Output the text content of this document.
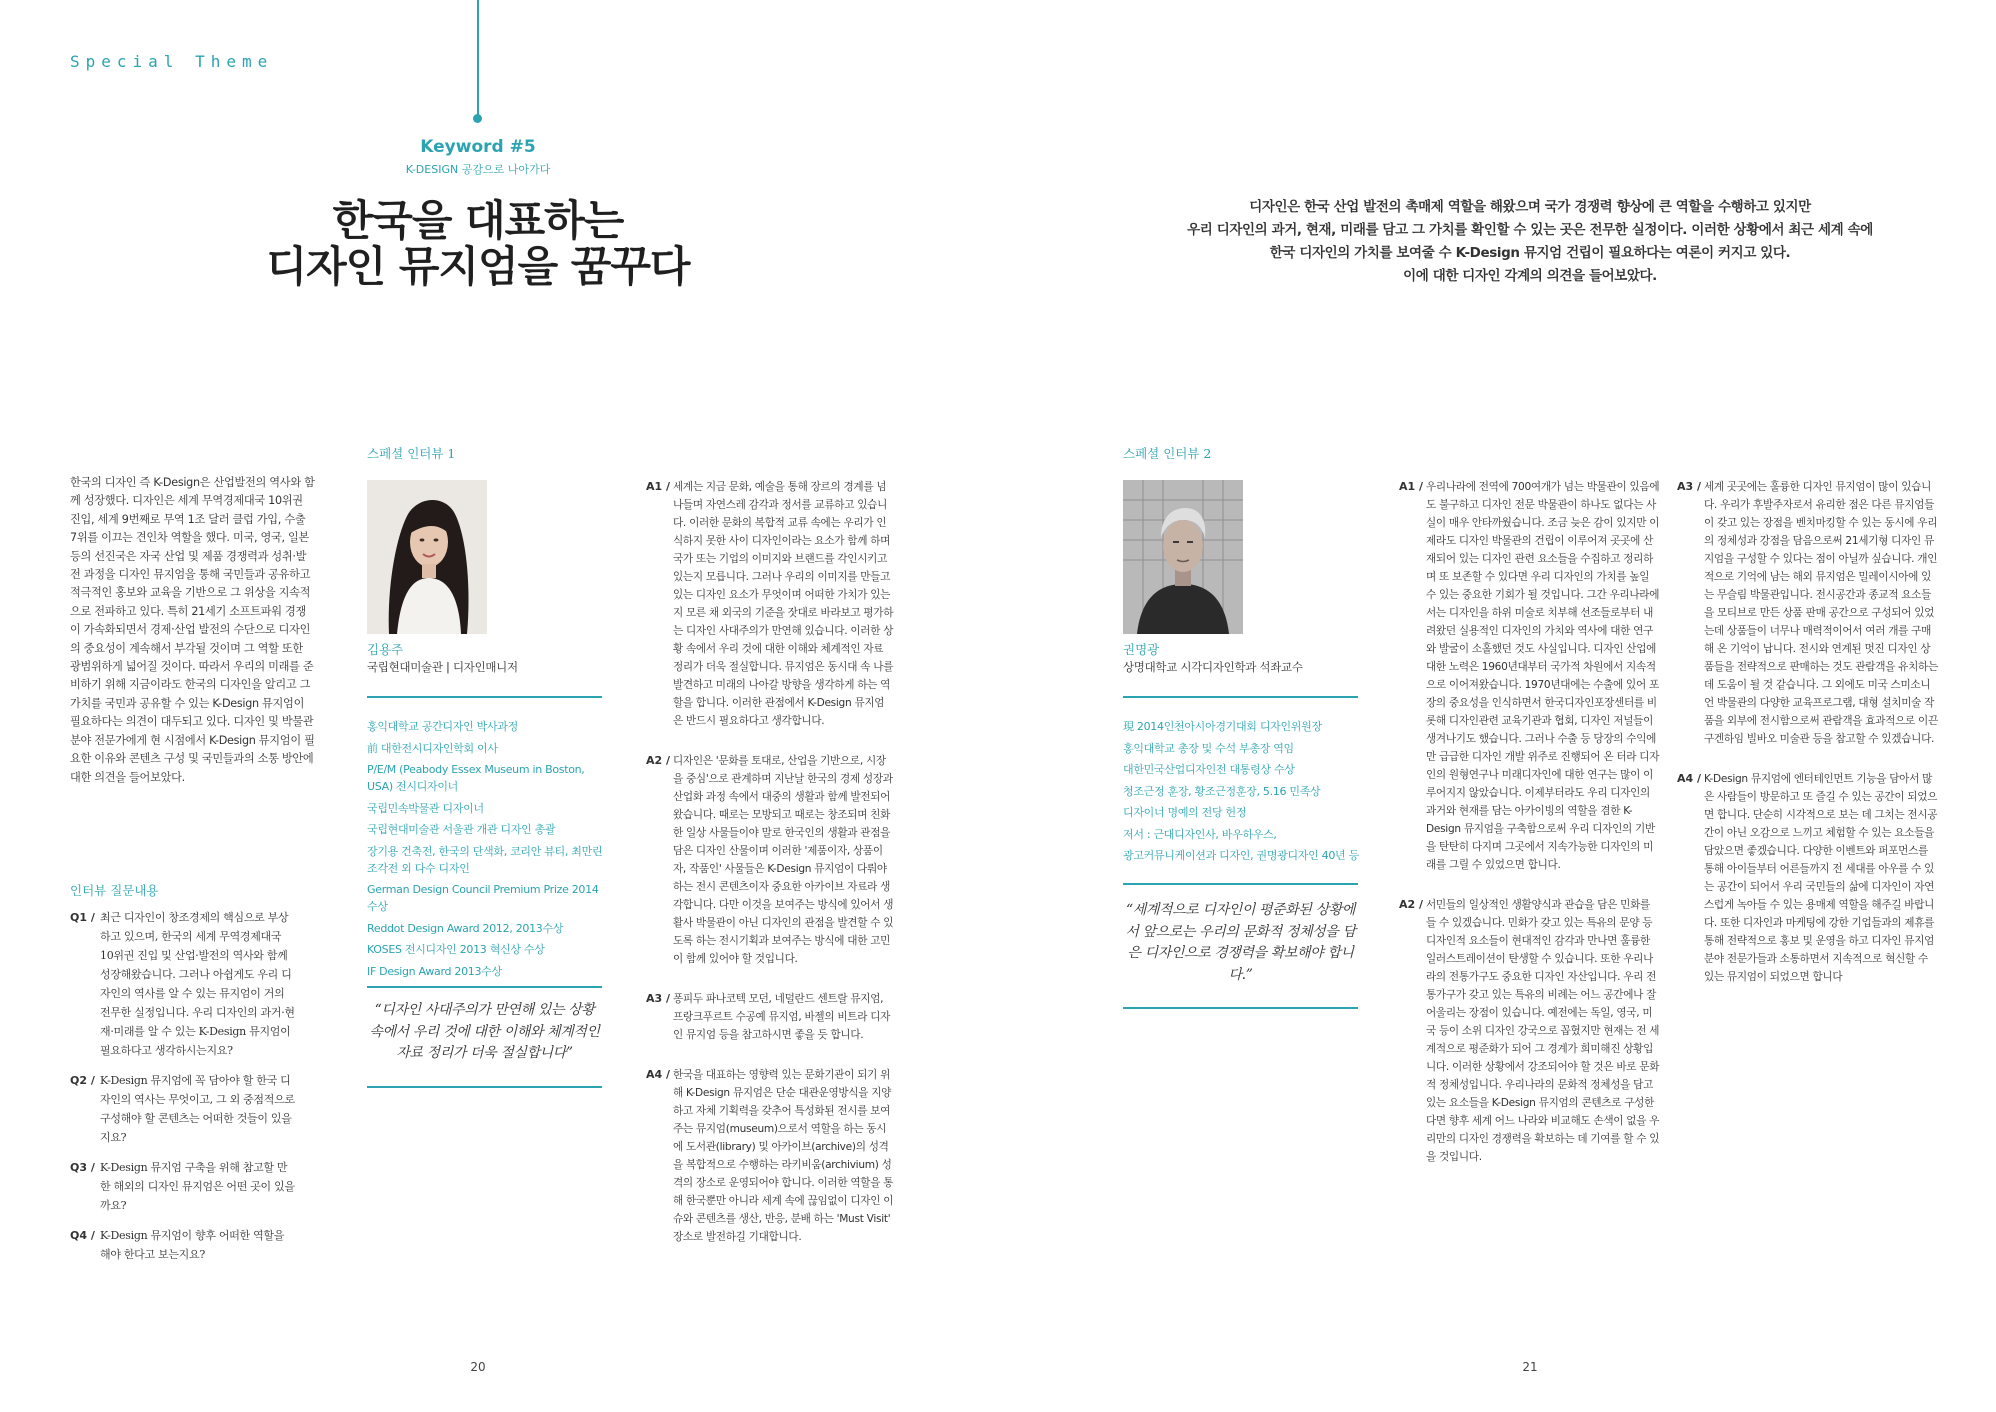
Special Theme
Keyword #5
K-DESIGN 공감으로 나아가다
한국을 대표하는
디자인 뮤지엄을 꿈꾸다
디자인은 한국 산업 발전의 촉매제 역할을 해왔으며 국가 경쟁력 향상에 큰 역할을 수행하고 있지만
우리 디자인의 과거, 현재, 미래를 담고 그 가치를 확인할 수 있는 곳은 전무한 실정이다. 이러한 상황에서 최근 세계 속에
한국 디자인의 가치를 보여줄 수 K-Design 뮤지엄 건립이 필요하다는 여론이 커지고 있다.
이에 대한 디자인 각계의 의견을 들어보았다.

한국의 디자인 즉 K-Design은 산업발전의 역사와 함께 성장했다. 디자인은 세계 무역경제대국 10위권 진입, 세계 9번째로 무역 1조 달러 클럽 가입, 수출 7위를 이끄는 견인차 역할을 했다. 미국, 영국, 일본 등의 선진국은 자국 산업 및 제품 경쟁력과 성취·발전 과정을 디자인 뮤지엄을 통해 국민들과 공유하고 적극적인 홍보와 교육을 기반으로 그 위상을 지속적으로 전파하고 있다. 특히 21세기 소프트파워 경쟁이 가속화되면서 경제·산업 발전의 수단으로 디자인의 중요성이 계속해서 부각될 것이며 그 역할 또한 광범위하게 넓어질 것이다. 따라서 우리의 미래를 준비하기 위해 지금이라도 한국의 디자인을 알리고 그 가치를 국민과 공유할 수 있는 K-Design 뮤지엄이 필요하다는 의견이 대두되고 있다. 디자인 및 박물관 분야 전문가에게 현 시점에서 K-Design 뮤지엄이 필요한 이유와 콘텐츠 구성 및 국민들과의 소통 방안에 대한 의견을 들어보았다.

인터뷰 질문내용
Q1 / 최근 디자인이 창조경제의 핵심으로 부상하고 있으며, 한국의 세계 무역경제대국 10위권 진입 및 산업·발전의 역사와 함께 성장해왔습니다. 그러나 아쉽게도 우리 디자인의 역사를 알 수 있는 뮤지엄이 거의 전무한 실정입니다. 우리 디자인의 과거·현재·미래를 알 수 있는 K-Design 뮤지엄이 필요하다고 생각하시는지요?

Q2 / K-Design 뮤지엄에 꼭 담아야 할 한국 디자인의 역사는 무엇이고, 그 외 중점적으로 구성해야 할 콘텐츠는 어떠한 것들이 있을지요?

Q3 / K-Design 뮤지엄 구축을 위해 참고할 만한 해외의 디자인 뮤지엄은 어떤 곳이 있을까요?

Q4 / K-Design 뮤지엄이 향후 어떠한 역할을 해야 한다고 보는지요?

스페셜 인터뷰 1
김용주
국립현대미술관 | 디자인매니저
홍익대학교 공간디자인 박사과정
前 대한전시디자인학회 이사
P/E/M (Peabody Essex Museum in Boston, USA) 전시디자이너
국립민속박물관 디자이너
국립현대미술관 서울관 개관 디자인 총괄
장기용 건축전, 한국의 단색화, 코리안 뷰티, 최만린 조각전 외 다수 디자인
German Design Council Premium Prize 2014 수상
Reddot Design Award 2012, 2013수상
KOSES 전시디자인 2013 혁신상 수상
IF Design Award 2013수상

“디자인 사대주의가 만연해 있는 상황 속에서 우리 것에 대한 이해와 체계적인 자료 정리가 더욱 절실합니다”

A1 / 세계는 지금 문화, 예술을 통해 장르의 경계를 넘나들며 자연스레 감각과 정서를 교류하고 있습니다. 이러한 문화의 복합적 교류 속에는 우리가 인식하지 못한 사이 디자인이라는 요소가 함께 하며 국가 또는 기업의 이미지와 브랜드를 각인시키고 있는지 모릅니다. 그러나 우리의 이미지를 만들고 있는 디자인 요소가 무엇이며 어떠한 가치가 있는지 모른 채 외국의 기준을 잣대로 바라보고 평가하는 디자인 사대주의가 만연해 있습니다. 이러한 상황 속에서 우리 것에 대한 이해와 체계적인 자료 정리가 더욱 절실합니다. 뮤지엄은 동시대 속 나를 발견하고 미래의 나아갈 방향을 생각하게 하는 역할을 합니다. 이러한 관점에서 K-Design 뮤지엄은 반드시 필요하다고 생각합니다.

A2 / 디자인은 '문화를 토대로, 산업을 기반으로, 시장을 중심'으로 관계하며 지난날 한국의 경제 성장과 산업화 과정 속에서 대중의 생활과 함께 발전되어 왔습니다. 때로는 모방되고 때로는 창조되며 친화한 일상 사물들이야 말로 한국인의 생활과 관점을 담은 디자인 산물이며 이러한 '제품이자, 상품이자, 작품인' 사물들은 K-Design 뮤지엄이 다뤄야하는 전시 콘텐츠이자 중요한 아카이브 자료라 생각합니다. 다만 이것을 보여주는 방식에 있어서 생활사 박물관이 아닌 디자인의 관점을 발견할 수 있도록 하는 전시기획과 보여주는 방식에 대한 고민이 함께 있어야 할 것입니다.

A3 / 퐁피두 파나코텍 모던, 네덜란드 센트랄 뮤지엄, 프랑크푸르트 수공예 뮤지엄, 바젤의 비트라 디자인 뮤지엄 등을 참고하시면 좋을 듯 합니다.

A4 / 한국을 대표하는 영향력 있는 문화기관이 되기 위해 K-Design 뮤지엄은 단순 대관운영방식을 지양하고 자체 기획력을 갖추어 특성화된 전시를 보여주는 뮤지엄(museum)으로서 역할을 하는 동시에 도서관(library) 및 아카이브(archive)의 성격을 복합적으로 수행하는 라키비움(archivium) 성격의 장소로 운영되어야 합니다. 이러한 역할을 통해 한국뿐만 아니라 세계 속에 끊임없이 디자인 이슈와 콘텐츠를 생산, 반응, 분배 하는 'Must Visit' 장소로 발전하길 기대합니다.

20
스페셜 인터뷰 2
권명광
상명대학교 시각디자인학과 석좌교수
現 2014인천아시아경기대회 디자인위원장
홍익대학교 총장 및 수석 부총장 역임
대한민국산업디자인전 대통령상 수상
청조근정 훈장, 황조근정훈장, 5.16 민족상
디자이너 명예의 전당 헌정
저서 : 근대디자인사, 바우하우스,
광고커뮤니케이션과 디자인, 권명광디자인 40년 등

“세계적으로 디자인이 평준화된 상황에서 앞으로는 우리의 문화적 정체성을 담은 디자인으로 경쟁력을 확보해야 합니다.”

A1 / 우리나라에 전역에 700여개가 넘는 박물관이 있음에도 불구하고 디자인 전문 박물관이 하나도 없다는 사실이 매우 안타까웠습니다. 조금 늦은 감이 있지만 이제라도 디자인 박물관의 건립이 이루어져 곳곳에 산재되어 있는 디자인 관련 요소들을 수집하고 정리하며 또 보존할 수 있다면 우리 디자인의 가치를 높일 수 있는 중요한 기회가 될 것입니다. 그간 우리나라에서는 디자인을 하위 미술로 치부해 선조들로부터 내려왔던 실용적인 디자인의 가치와 역사에 대한 연구와 발굴이 소홀했던 것도 사실입니다. 디자인 산업에 대한 노력은 1960년대부터 국가적 차원에서 지속적으로 이어져왔습니다. 1970년대에는 수출에 있어 포장의 중요성을 인식하면서 한국디자인포장센터를 비롯해 디자인관련 교육기관과 협회, 디자인 저널들이 생겨나기도 했습니다. 그러나 수출 등 당장의 수익에만 급급한 디자인 개발 위주로 진행되어 온 터라 디자인의 원형연구나 미래디자인에 대한 연구는 많이 이루어지지 않았습니다. 이제부터라도 우리 디자인의 과거와 현재를 담는 아카이빙의 역할을 겸한 K-Design 뮤지엄을 구축함으로써 우리 디자인의 기반을 탄탄히 다지며 그곳에서 지속가능한 디자인의 미래를 그릴 수 있었으면 합니다.

A2 / 서민들의 일상적인 생활양식과 관습을 담은 민화를 들 수 있겠습니다. 민화가 갖고 있는 특유의 문양 등 디자인적 요소들이 현대적인 감각과 만나면 훌륭한 일러스트레이션이 탄생할 수 있습니다. 또한 우리나라의 전통가구도 중요한 디자인 자산입니다. 우리 전통가구가 갖고 있는 특유의 비례는 어느 공간에나 잘 어울리는 장점이 있습니다. 예전에는 독일, 영국, 미국 등이 소위 디자인 강국으로 꼽혔지만 현재는 전 세계적으로 평준화가 되어 그 경계가 희미해진 상황입니다. 이러한 상황에서 강조되어야 할 것은 바로 문화적 정체성입니다. 우리나라의 문화적 정체성을 담고 있는 요소들을 K-Design 뮤지엄의 콘텐츠로 구성한다면 향후 세계 어느 나라와 비교해도 손색이 없을 우리만의 디자인 경쟁력을 확보하는 데 기여를 할 수 있을 것입니다.

A3 / 세계 곳곳에는 훌륭한 디자인 뮤지엄이 많이 있습니다. 우리가 후발주자로서 유리한 점은 다른 뮤지엄들이 갖고 있는 장점을 벤치마킹할 수 있는 동시에 우리의 정체성과 강점을 담음으로써 21세기형 디자인 뮤지엄을 구성할 수 있다는 점이 아닐까 싶습니다. 개인적으로 기억에 남는 해외 뮤지엄은 밀레이시아에 있는 무슬림 박물관입니다. 전시공간과 종교적 요소들을 모티브로 만든 상품 판매 공간으로 구성되어 있었는데 상품들이 너무나 매력적이어서 여러 개를 구매해 온 기억이 납니다. 전시와 연계된 멋진 디자인 상품들을 전략적으로 판매하는 것도 관람객을 유치하는 데 도움이 될 것 같습니다. 그 외에도 미국 스미소니언 박물관의 다양한 교육프로그램, 대형 설치미술 작품을 외부에 전시함으로써 관람객을 효과적으로 이끈 구겐하임 빌바오 미술관 등을 참고할 수 있겠습니다.

A4 / K-Design 뮤지엄에 엔터테인먼트 기능을 담아서 많은 사람들이 방문하고 또 즐길 수 있는 공간이 되었으면 합니다. 단순히 시각적으로 보는 데 그치는 전시공간이 아닌 오감으로 느끼고 체험할 수 있는 요소들을 담았으면 좋겠습니다. 다양한 이벤트와 퍼포먼스를 통해 아이들부터 어른들까지 전 세대를 아우를 수 있는 공간이 되어서 우리 국민들의 삶에 디자인이 자연스럽게 녹아들 수 있는 용매제 역할을 해주길 바랍니다. 또한 디자인과 마케팅에 강한 기업들과의 제휴를 통해 전략적으로 홍보 및 운영을 하고 디자인 뮤지엄 분야 전문가들과 소통하면서 지속적으로 혁신할 수 있는 뮤지엄이 되었으면 합니다

21
